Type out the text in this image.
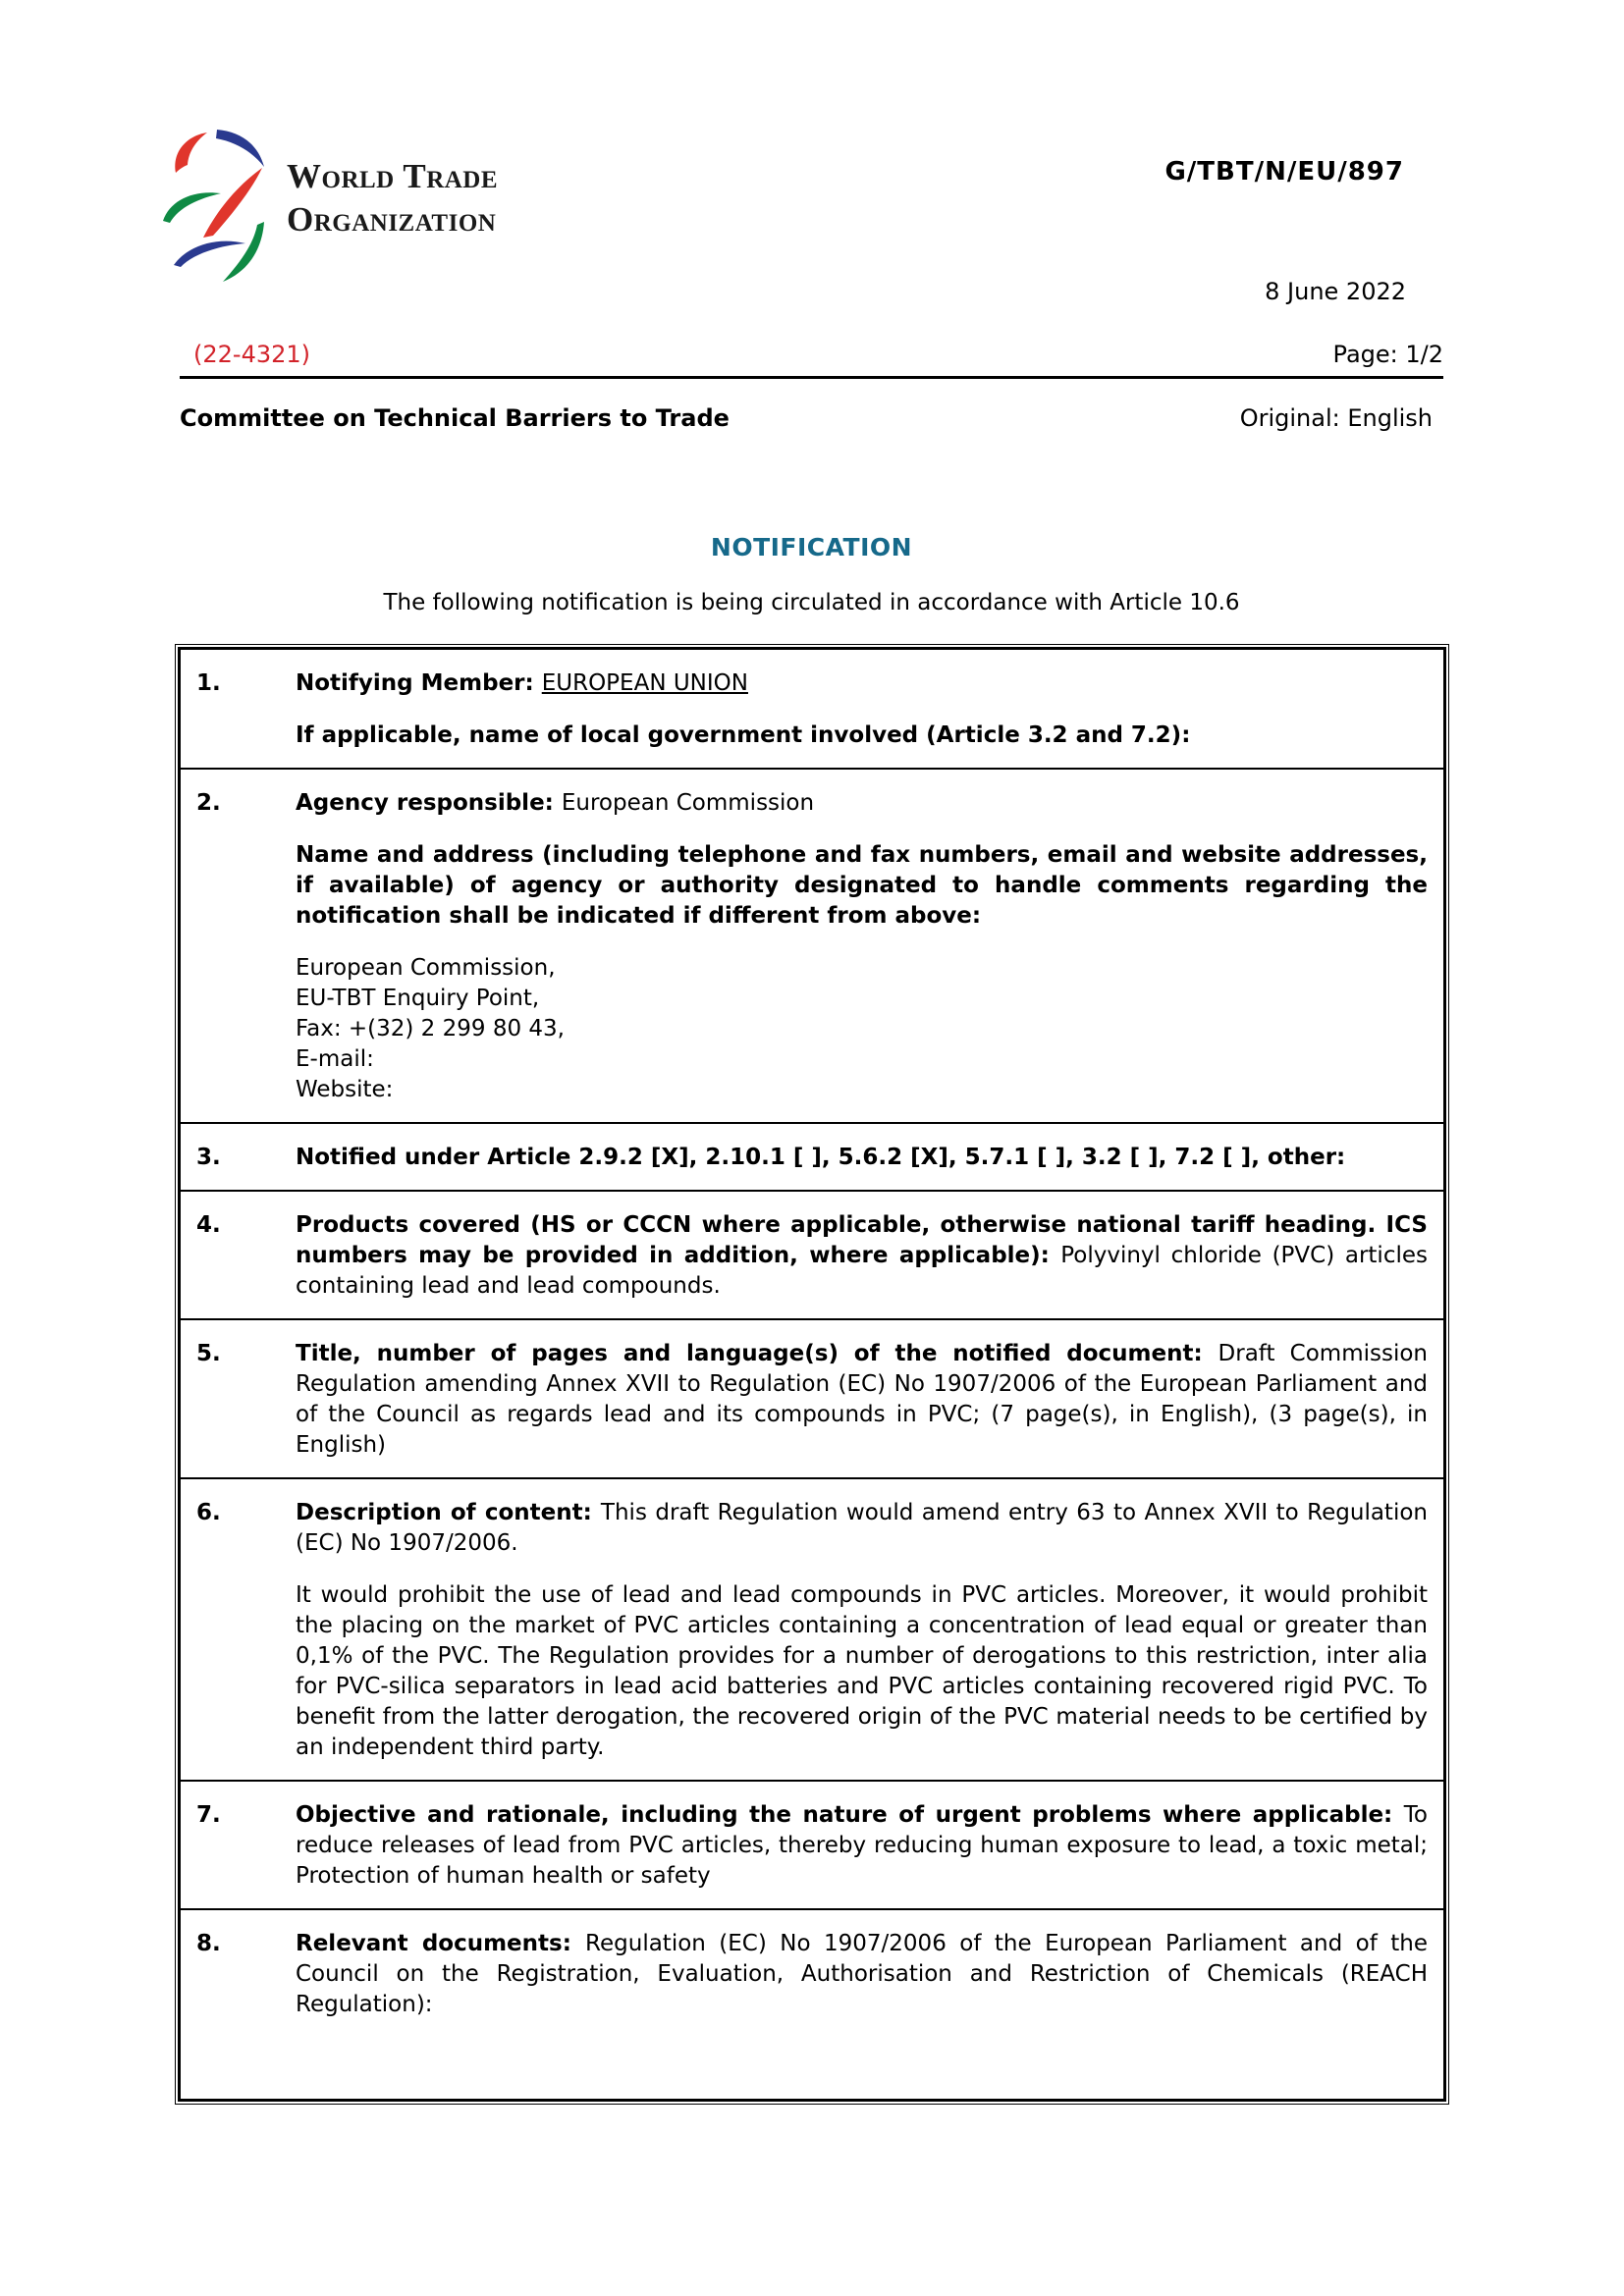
World Trade
Organization
G/TBT/N/EU/897
8 June 2022
(22-4321)	Page: 1/2
Committee on Technical Barriers to Trade	Original: English
NOTIFICATION
The following notification is being circulated in accordance with Article 10.6
1.	Notifying Member: EUROPEAN UNION

If applicable, name of local government involved (Article 3.2 and 7.2):

2.	Agency responsible: European Commission

Name and address (including telephone and fax numbers, email and website addresses, if available) of agency or authority designated to handle comments regarding the notification shall be indicated if different from above:

European Commission,
EU-TBT Enquiry Point,
Fax: +(32) 2 299 80 43,
E-mail:
Website:
3.	Notified under Article 2.9.2 [X], 2.10.1 [ ], 5.6.2 [X], 5.7.1 [ ], 3.2 [ ], 7.2 [ ], other:

4.	Products covered (HS or CCCN where applicable, otherwise national tariff heading. ICS numbers may be provided in addition, where applicable): Polyvinyl chloride (PVC) articles containing lead and lead compounds.

5.	Title, number of pages and language(s) of the notified document: Draft Commission Regulation amending Annex XVII to Regulation (EC) No 1907/2006 of the European Parliament and of the Council as regards lead and its compounds in PVC; (7 page(s), in English), (3 page(s), in English)

6.	Description of content: This draft Regulation would amend entry 63 to Annex XVII to Regulation (EC) No 1907/2006.

It would prohibit the use of lead and lead compounds in PVC articles. Moreover, it would prohibit the placing on the market of PVC articles containing a concentration of lead equal or greater than 0,1% of the PVC. The Regulation provides for a number of derogations to this restriction, inter alia for PVC-silica separators in lead acid batteries and PVC articles containing recovered rigid PVC. To benefit from the latter derogation, the recovered origin of the PVC material needs to be certified by an independent third party.

7.	Objective and rationale, including the nature of urgent problems where applicable: To reduce releases of lead from PVC articles, thereby reducing human exposure to lead, a toxic metal; Protection of human health or safety

8.	Relevant documents: Regulation (EC) No 1907/2006 of the European Parliament and of the Council on the Registration, Evaluation, Authorisation and Restriction of Chemicals (REACH Regulation):
